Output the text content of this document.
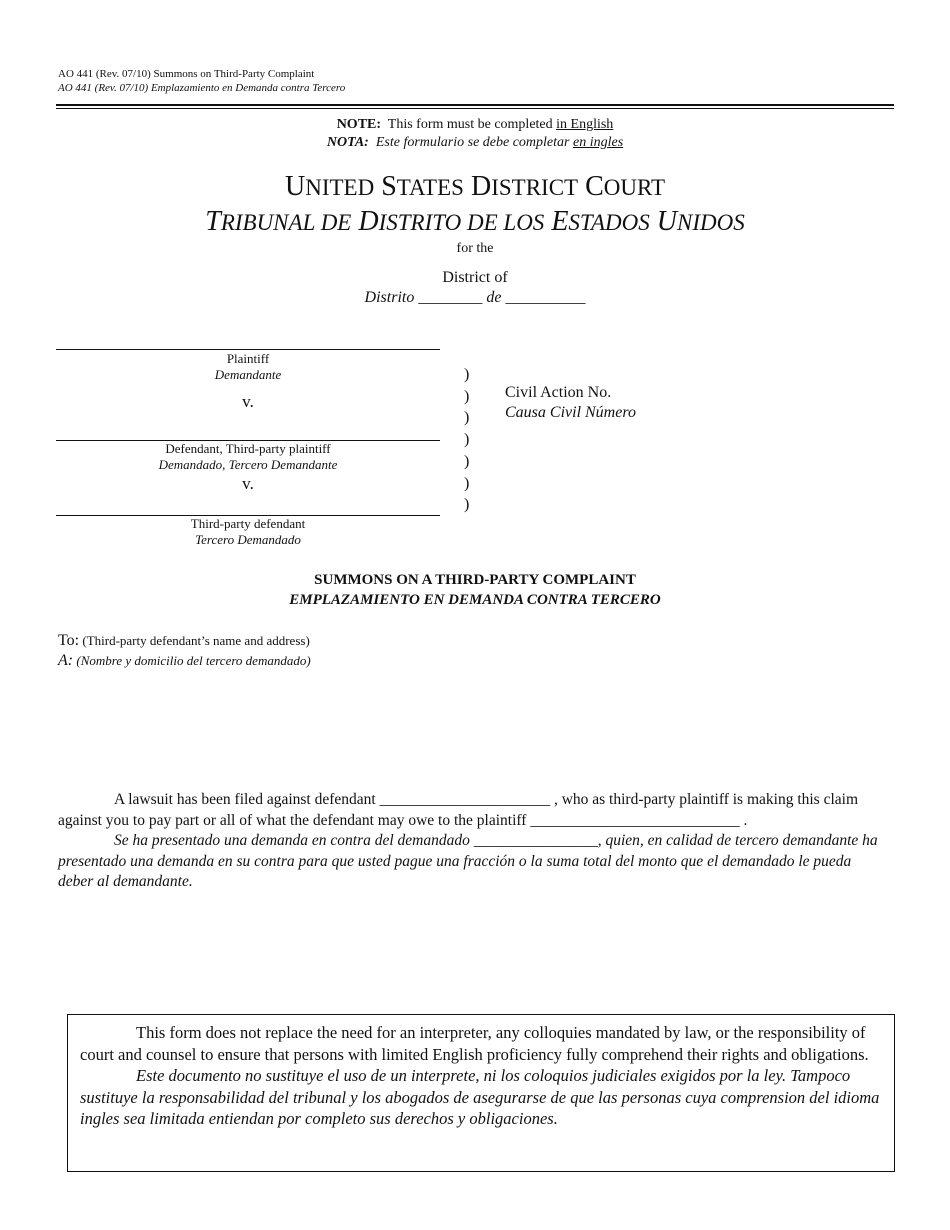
AO 441 (Rev. 07/10) Summons on Third-Party Complaint
AO 441 (Rev. 07/10) Emplazamiento en Demanda contra Tercero
NOTE: This form must be completed in English
NOTA: Este formulario se debe completar en ingles
UNITED STATES DISTRICT COURT
TRIBUNAL DE DISTRITO DE LOS ESTADOS UNIDOS
for the
District of
Distrito ________ de __________
Plaintiff
Demandante
v.
Defendant, Third-party plaintiff
Demandado, Tercero Demandante
v.
Third-party defendant
Tercero Demandado
)
)
)
)
)
)
)
Civil Action No.
Causa Civil Número
SUMMONS ON A THIRD-PARTY COMPLAINT
EMPLAZAMIENTO EN DEMANDA CONTRA TERCERO
To: (Third-party defendant’s name and address)
A: (Nombre y domicilio del tercero demandado)

A lawsuit has been filed against defendant ______________________ , who as third-party plaintiff is making this claim against you to pay part or all of what the defendant may owe to the plaintiff ___________________________ .

Se ha presentado una demanda en contra del demandado ________________, quien, en calidad de tercero demandante ha presentado una demanda en su contra para que usted pague una fracción o la suma total del monto que el demandado le pueda deber al demandante.

This form does not replace the need for an interpreter, any colloquies mandated by law, or the responsibility of court and counsel to ensure that persons with limited English proficiency fully comprehend their rights and obligations.

Este documento no sustituye el uso de un interprete, ni los coloquios judiciales exigidos por la ley. Tampoco sustituye la responsabilidad del tribunal y los abogados de asegurarse de que las personas cuya comprension del idioma ingles sea limitada entiendan por completo sus derechos y obligaciones.
